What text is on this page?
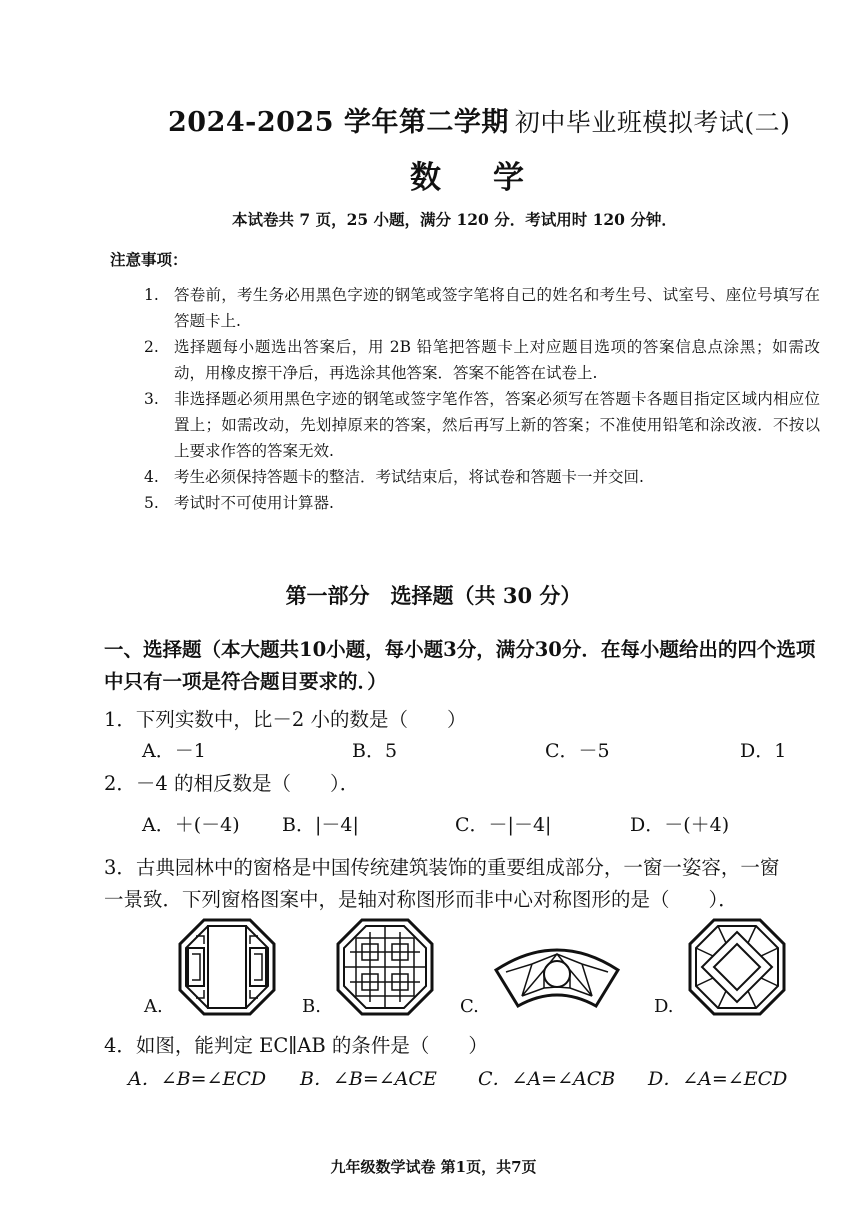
2024-2025 学年第二学期 初中毕业班模拟考试(二)
数学
本试卷共 7 页，25 小题，满分 120 分．考试用时 120 分钟．
注意事项：
1. 答卷前，考生务必用黑色字迹的钢笔或签字笔将自己的姓名和考生号、试室号、座位号填写在答题卡上.
2. 选择题每小题选出答案后，用 2B 铅笔把答题卡上对应题目选项的答案信息点涂黑；如需改动，用橡皮擦干净后，再选涂其他答案．答案不能答在试卷上.
3. 非选择题必须用黑色字迹的钢笔或签字笔作答，答案必须写在答题卡各题目指定区域内相应位置上；如需改动，先划掉原来的答案，然后再写上新的答案；不准使用铅笔和涂改液．不按以上要求作答的答案无效.
4. 考生必须保持答题卡的整洁．考试结束后，将试卷和答题卡一并交回.
5. 考试时不可使用计算器.
第一部分　选择题（共 30 分）
一、选择题（本大题共10小题，每小题3分，满分30分．在每小题给出的四个选项中只有一项是符合题目要求的．）
1．下列实数中，比－2 小的数是（　　）
A．－1	B．5	C．－5	D．1
2．－4 的相反数是（　　）．
A．＋(－4) B．|－4|	C．－|－4|	D．－(＋4)
3．古典园林中的窗格是中国传统建筑装饰的重要组成部分，一窗一姿容，一窗
一景致．下列窗格图案中，是轴对称图形而非中心对称图形的是（　　）．
A.	B.	C.	D.
4．如图，能判定 EC∥AB 的条件是（　　）
A．∠B=∠ECD B．∠B=∠ACE C．∠A=∠ACB D．∠A=∠ECD
九年级数学试卷 第1页，共7页
